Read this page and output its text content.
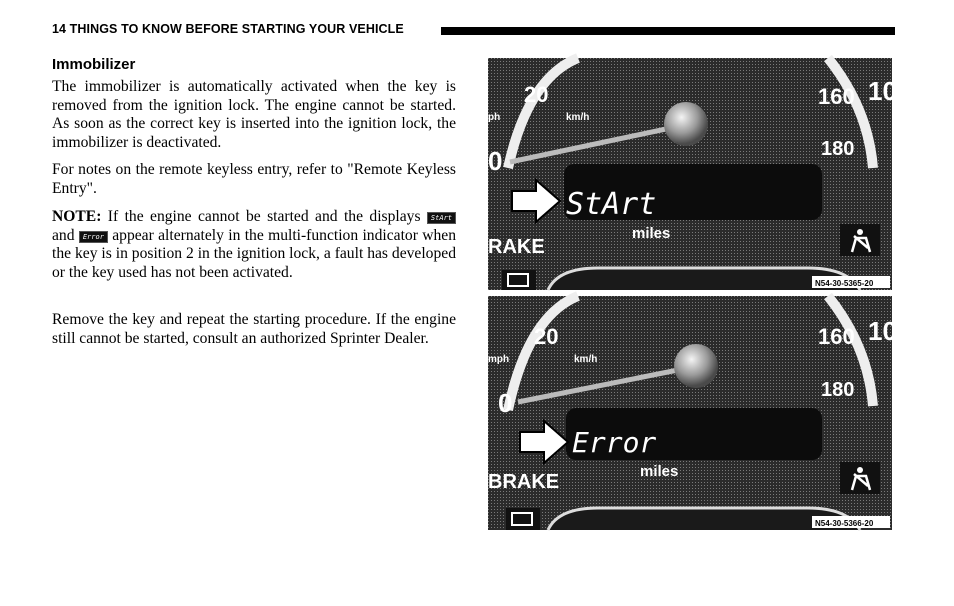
14 THINGS TO KNOW BEFORE STARTING YOUR VEHICLE
Immobilizer
The immobilizer is automatically activated when the key is removed from the ignition lock. The engine cannot be started. As soon as the correct key is inserted into the ignition lock, the immobilizer is deactivated.
For notes on the remote keyless entry, refer to "Remote Keyless Entry".
NOTE: If the engine cannot be started and the displays StArt and Error appear alternately in the multi-function indicator when the key is in position 2 in the ignition lock, a fault has developed or the key used has not been activated.
Remove the key and repeat the starting procedure. If the engine still cannot be started, consult an authorized Sprinter Dealer.
20
0
160
180
10
ph	km/h
StArt
miles
RAKE
N54-30-5365-20
20
0
160
180
10
mph	km/h
Error
miles
BRAKE
N54-30-5366-20
